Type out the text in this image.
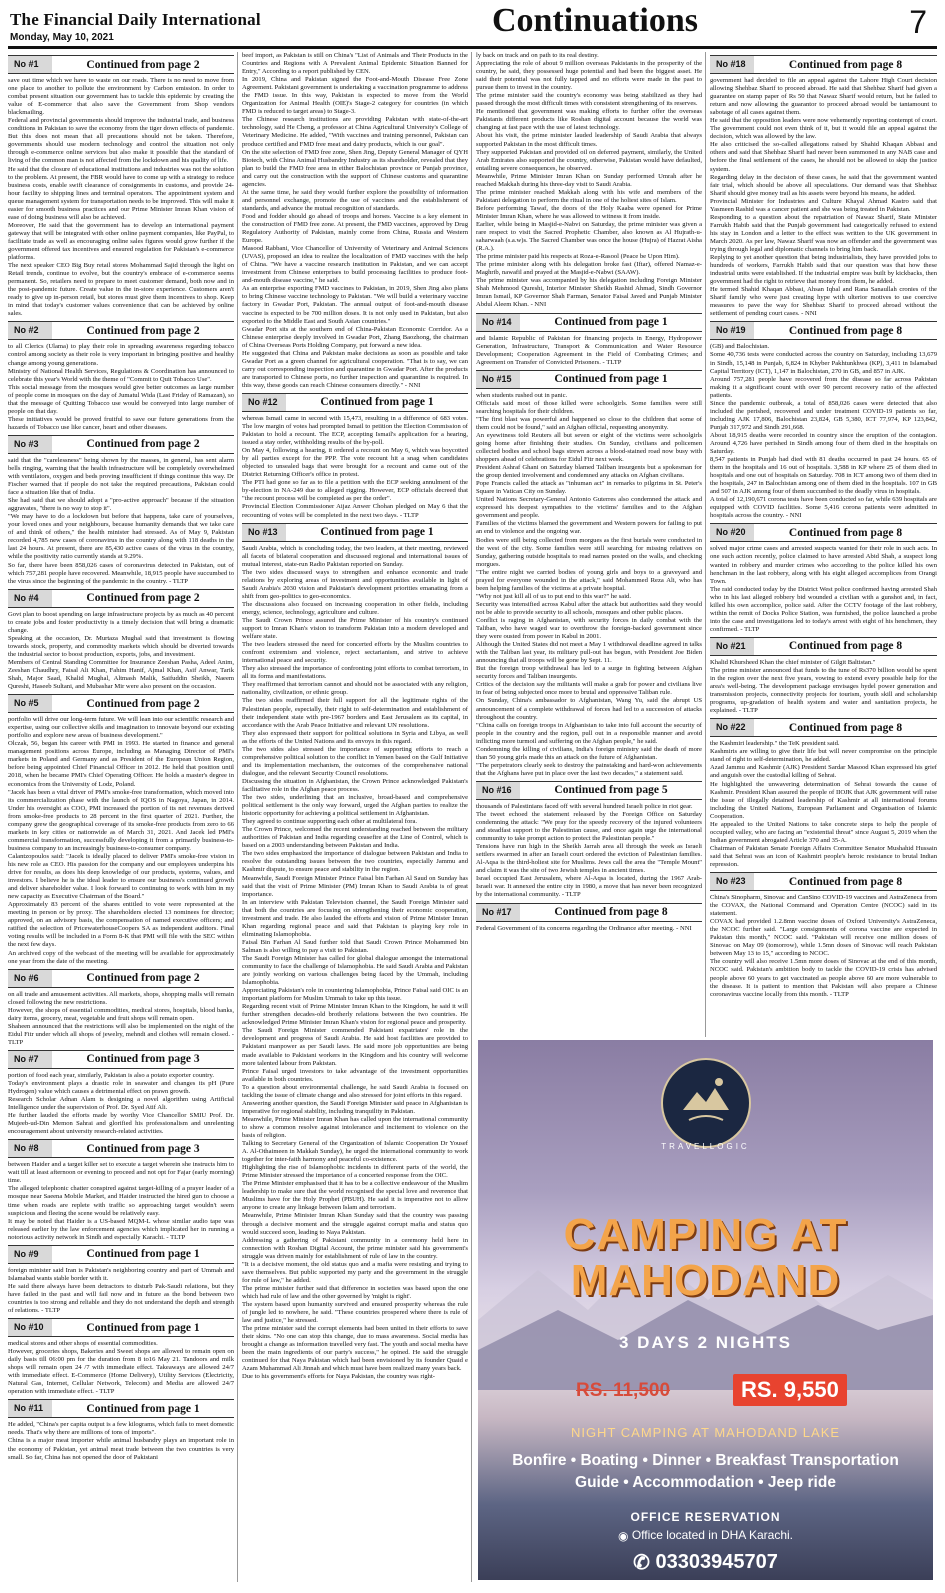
The Financial Daily International
Monday, May 10, 2021	Continuations	7
No #1	Continued from page 2
save out time which we have to waste on our roads. There is no need to move from one place to another to pollute the environment by Carbon emission. In order to combat present situation our government has to tackle this epidemic by creating the value of E-commerce that also save the Government from Shop vendors blackmailing.
Federal and provincial governments should improve the industrial trade, and business conditions in Pakistan to save the economy from the tiger down effects of pandemic. But this does not mean that all precautions should not be taken. Therefore, governments should use modern technology and control the situation not only through e-commerce online services but also make it possible that the standard of living of the common man is not affected from the lockdown and his quality of life.
He said that the closure of educational institutions and industries was not the solution to the problem. At present, the FBR would have to come up with a strategy to reduce business costs, enable swift clearance of consignments in customs, and provide 24-hour facility to shipping lines and terminal operators. The appointment system and queue management system for transportation needs to be improved. This will make it easier for smooth business practices and our Prime Minister Imran Khan vision of ease of doing business will also be achieved.
Moreover, He said that the government has to develop an international payment gateway that will be integrated with other online payment companies, like PayPal, to facilitate trade as well as encouraging online sales figures would grow further if the government offered tax incentives and ensured regulation for Pakistan's e-commerce platforms.
The next speaker CEO Big Buy retail stores Mohammad Sajid through the light on Retail trends, continue to evolve, but the country's embrace of e-commerce seems permanent. So, retailers need to prepare to meet customer demand, both now and in the post-pandemic future. Create value in the in-store experience. Customers aren't ready to give up in-person retail, but stores must give them incentives to shop. Keep in mind that today's customer values convenience that can be achieved by online sales.
No #2	Continued from page 2
to all Clerics (Ulama) to play their role in spreading awareness regarding tobacco control among society as their role is very important in bringing positive and healthy change among young generations.
Ministry of National Health Services, Regulations & Coordination has announced to celebrate this year's World with the theme of "Commit to Quit Tobacco Use".
This social message from the mosques would give better outcomes as large number of people come in mosques on the day of Jumatul Wida (Last Friday of Ramazan), so that the message of Quitting Tobacco use would be conveyed into large number of people on that day.
These initiatives would be proved fruitful to save our future generations from the hazards of Tobacco use like cancer, heart and other diseases.
No #3	Continued from page 2
said that the "carelessness" being shown by the masses, in general, has sent alarm bells ringing, warning that the health infrastructure will be completely overwhelmed with ventilators, oxygen and beds proving insufficient if things continue this way. Dr Fischer warned that if people do not take the required precautions, Pakistan could face a situation like that of India.
She had said that we should adopt a "pro-active approach" because if the situation aggravates, "there is no way to stop it".
"We may have to do a lockdown but before that happens, take care of yourselves, your loved ones and your neighbours, because humanity demands that we take care of and think of others," the health minister had stressed. As of May 9, Pakistan recorded 4,785 new cases of coronavirus in the country along with 118 deaths in the last 24 hours. At present, there are 85,430 active cases of the virus in the country, while the positivity ratio currently stands at 9.29%.
So far, there have been 858,026 cases of coronavirus detected in Pakistan, out of which 757,281 people have recovered. Meanwhile, 18,915 people have succumbed to the virus since the beginning of the pandemic in the country. - TLTP
No #4	Continued from page 2
Govt plan to boost spending on large infrastructure projects by as much as 40 percent to create jobs and foster productivity is a timely decision that will bring a dramatic change.
Speaking at the occasion, Dr. Murtaza Mughal said that investment is flowing towards stock, property, and commodity markets which should be diverted towards the industrial sector to boost production, exports, jobs, and investment.
Members of Central Standing Committee for Insurance Zeeshan Pasha, Adeel Anim, Zeeshan Chaudhry, Faisal Ali Khan, Fahim Hanif, Ajmal Khan, Asif Anwar, Tarik Shah, Major Saad, Khalid Mughal, Altmash Malik, Saifuddin Sheikh, Naeem Qureshi, Haseeb Sultani, and Mubashar Mir were also present on the occasion.
No #5	Continued from page 2
portfolio will drive our long-term future. We will lean into our scientific research and expertise, using our collective skills and imagination to innovate beyond our existing portfolio and explore new areas of business development."
Olczak, 56, began his career with PMI in 1993. He started in finance and general management positions across Europe, including as Managing Director of PMI's markets in Poland and Germany and as President of the European Union Region, before being appointed Chief Financial Officer in 2012. He held that position until 2018, when he became PMI's Chief Operating Officer. He holds a master's degree in economics from the University of Lodz, Poland.
"Jacek has been a vital driver of PMI's smoke-free transformation, which moved into its commercialization phase with the launch of IQOS in Nagoya, Japan, in 2014. Under his oversight as COO, PMI increased the portion of its net revenues derived from smoke-free products to 28 percent in the first quarter of 2021. Further, the company grew the geographical coverage of its smoke-free products from zero to 66 markets in key cities or nationwide as of March 31, 2021. And Jacek led PMI's commercial transformation, successfully developing it from a primarily business-to-business company to an increasingly business-to-consumer company.
Calantzopoulos said: "Jacek is ideally placed to deliver PMI's smoke-free vision in his new role as CEO. His passion for the company and our employees underpins his drive for results, as does his deep knowledge of our products, systems, values, and investors. I believe he is the ideal leader to ensure our business's continued growth and deliver shareholder value. I look forward to continuing to work with him in my new capacity as Executive Chairman of the Board."
Approximately 83 percent of the shares entitled to vote were represented at the meeting in person or by proxy. The shareholders elected 13 nominees for director; approved, on an advisory basis, the compensation of named executive officers; and ratified the selection of PricewaterhouseCoopers SA as independent auditors. Final voting results will be included in a Form 8-K that PMI will file with the SEC within the next few days.
An archived copy of the webcast of the meeting will be available for approximately one year from the date of the meeting.
No #6	Continued from page 2
on all trade and amusement activities. All markets, shops, shopping malls will remain closed following the new restrictions.
However, the shops of essential commodities, medical stores, hospitals, blood banks, dairy items, grocery, meat, vegetable and fruit shops will remain open.
Shaheen announced that the restrictions will also be implemented on the night of the Eidul Fitr under which all shops of jewelry, mehndi and clothes will remain closed. - TLTP
No #7	Continued from page 3
portion of food each year, similarly, Pakistan is also a potato exporter country.
Today's environment plays a drastic role in seawater and changes its pH (Pure Hydrogen) value which causes a detrimental effect on prawn growth.
Research Scholar Adnan Alam is designing a novel algorithm using Artificial Intelligence under the supervision of Prof. Dr. Syed Atif Ali.
He further lauded the efforts made by worthy Vice Chancellor SMIU Prof. Dr. Mujeeb-ud-Din Memon Sahrai and glorified his professionalism and unrelenting encouragement about university research-related activities.
No #8	Continued from page 3
between Haider and a target killer set to execute a target wherein she instructs him to wait till at least afternoon or evening to proceed and not opt for Fajar (early morning) time.
The alleged telephonic chatter conspired against target-killing of a prayer leader of a mosque near Saeena Mobile Market, and Haider instructed the hired gun to choose a time when roads are replete with traffic so approaching target wouldn't seem suspicious and fleeing the scene would be relatively easy.
It may be noted that Haider is a US-based MQM-L whose similar audio tape was released earlier by the law enforcement agencies which implicated her in running a notorious activity network in Sindh and especially Karachi. - TLTP
No #9	Continued from page 1
foreign minister said Iran is Pakistan's neighboring country and part of Ummah and Islamabad wants stable border with it.
He said there always have been detractors to disturb Pak-Saudi relations, but they have failed in the past and will fail now and in future as the bond between two countries is too strong and reliable and they do not understand the depth and strength of relations. - TLTP
No #10	Continued from page 1
medical stores and other shops of essential commodities.
However, groceries shops, Bakeries and Sweet shops are allowed to remain open on daily basis till 06:00 pm for the duration from 8 to16 May 21. Tandoors and milk shops will remain open 24 /7 with immediate effect. Takeaways are allowed 24/7 with immediate effect. E-Commerce (Home Delivery), Utility Services (Electricity, Natural Gas, Internet, Cellular Network, Telecom) and Media are allowed 24/7 operation with immediate effect. - TLTP
No #11	Continued from page 1
He added, "China's per capita output is a few kilograms, which fails to meet domestic needs. That's why there are millions of tons of imports".
China is a major meat importer while animal husbandry plays an important role in the economy of Pakistan, yet animal meat trade between the two countries is very small. So far, China has not opened the door of Pakistani
beef import, as Pakistan is still on China's "List of Animals and Their Products in the Countries and Regions with A Prevalent Animal Epidemic Situation Banned for Entry," According to a report published by CEN.
In 2019, China and Pakistan signed the Foot-and-Mouth Disease Free Zone Agreement. Pakistani government is undertaking a vaccination programme to address the FMD issue. In this way, Pakistan is expected to move from the World Organization for Animal Health (OIE)'s Stage-2 category for countries (in which FMD is reduced to target areas) to Stage-3.
The Chinese research institutions are providing Pakistan with state-of-the-art technology, said He Cheng, a professor at China Agricultural University's College of Veterinary Medicine. He added, "With vaccines and training personnel, Pakistan can produce certified and FMD free meat and dairy products, which is our goal".
On the site selection of FMD free zone, Shen Jing, Deputy General Manager of QYH Biotech, with China Animal Husbandry Industry as its shareholder, revealed that they plan to build the FMD free area in either Balochistan province or Punjab province, and carry out the construction with the support of Chinese customs and quarantine agencies.
At the same time, he said they would further explore the possibility of information and personnel exchange, promote the use of vaccines and the establishment of standards, and advance the mutual recognition of standards.
Food and fodder should go ahead of troops and horses. Vaccine is a key element in the construction of FMD free zone. At present, the FMD vaccines, approved by Drug Regulatory Authority of Pakistan, mainly come from China, Russia and Western Europe.
Masood Rabbani, Vice Chancellor of University of Veterinary and Animal Sciences (UVAS), proposed an idea to realize the localization of FMD vaccines with the help of China. "We have a vaccine research institution in Pakistan, and we can accept investment from Chinese enterprises to build processing facilities to produce foot-and-mouth disease vaccine," he said.
As an enterprise exporting FMD vaccines to Pakistan, in 2019, Shen Jing also plans to bring Chinese vaccine technology to Pakistan. "We will build a veterinary vaccine factory in Gwadar Port, Pakistan. The annual output of foot-and-mouth disease vaccine is expected to be 700 million doses. It is not only used in Pakistan, but also exported to the Middle East and South Asian countries."
Gwadar Port sits at the southern end of China-Pakistan Economic Corridor. As a Chinese enterprise deeply involved in Gwadar Port, Zhang Baozhong, the chairman of China Overseas Ports Holding Company, put forward a new idea.
He suggested that China and Pakistan make decisions as soon as possible and take Gwadar Port as a green channel for agricultural cooperation. "That is to say, we can carry out corresponding inspection and quarantine in Gwadar Port. After the products are transported to Chinese ports, no further inspection and quarantine is required. In this way, these goods can reach Chinese consumers directly." - NNI
No #12	Continued from page 1
whereas Ismail came in second with 15,473, resulting in a difference of 683 votes. The low margin of votes had prompted Ismail to petition the Election Commission of Pakistan to hold a recount. The ECP, accepting Ismail's application for a hearing, issued a stay order, withholding results of the by-poll.
On May 4, following a hearing, it ordered a recount on May 6, which was boycotted by all parties except for the PPP. The vote recount hit a snag when candidates objected to unsealed bags that were brought for a recount and came out of the District Returning Officer's office in protest.
The PTI had gone so far as to file a petition with the ECP seeking annulment of the by-election in NA-249 due to alleged rigging. However, ECP officials decreed that "the recount process will be completed as per the order".
Provincial Election Commissioner Aijaz Anwer Chohan pledged on May 6 that the recounting of votes will be completed in the next two days. - TLTP
No #13	Continued from page 1
Saudi Arabia, which is concluding today, the two leaders, at their meeting, reviewed all facets of bilateral cooperation and discussed regional and international issues of mutual interest, state-run Radio Pakistan reported on Sunday.
The two sides discussed ways to strengthen and enhance economic and trade relations by exploring areas of investment and opportunities available in light of Saudi Arabia's 2030 vision and Pakistan's development priorities emanating from a shift from geo-politics to geo-economics.
The discussions also focused on increasing cooperation in other fields, including energy, science, technology, agriculture and culture.
The Saudi Crown Prince assured the Prime Minister of his country's continued support to Imran Khan's vision to transform Pakistan into a modern developed and welfare state.
The two leaders stressed the need for concerted efforts by the Muslim countries to confront extremism and violence, reject sectarianism, and strive to achieve international peace and security.
They also stressed the importance of confronting joint efforts to combat terrorism, in all its forms and manifestations.
They reaffirmed that terrorism cannot and should not be associated with any religion, nationality, civilization, or ethnic group.
The two sides reaffirmed their full support for all the legitimate rights of the Palestinian people, especially, their right to self-determination and establishment of their independent state with pre-1967 borders and East Jerusalem as its capital, in accordance with the Arab Peace Initiative and relevant UN resolutions.
They also expressed their support for political solutions in Syria and Libya, as well as the efforts of the United Nations and its envoys in this regard.
The two sides also stressed the importance of supporting efforts to reach a comprehensive political solution to the conflict in Yemen based on the Gulf Initiative and its implementation mechanism, the outcomes of the comprehensive national dialogue, and the relevant Security Council resolutions.
Discussing the situation in Afghanistan, the Crown Prince acknowledged Pakistan's facilitative role in the Afghan peace process.
The two sides, underlining that an inclusive, broad-based and comprehensive political settlement is the only way forward, urged the Afghan parties to realize the historic opportunity for achieving a political settlement in Afghanistan.
They agreed to continue supporting each other at multilateral fora.
The Crown Prince, welcomed the recent understanding reached between the military authorities of Pakistan and India regarding ceasefire at the Line of Control, which is based on a 2003 understanding between Pakistan and India.
The two sides emphasized the importance of dialogue between Pakistan and India to resolve the outstanding issues between the two countries, especially Jammu and Kashmir dispute, to ensure peace and stability in the region.
Meanwhile, Saudi Foreign Minister Prince Faisal bin Farhan Al Saud on Sunday has said that the visit of Prime Minister (PM) Imran Khan to Saudi Arabia is of great importance.
In an interview with Pakistan Television channel, the Saudi Foreign Minister said that both the countries are focusing on strengthening their economic cooperation, investment and trade. He also lauded the efforts and vision of Prime Minister Imran Khan regarding regional peace and said that Pakistan is playing key role in eliminating Islamophobia.
Faisal Bin Farhan Al Saud further told that Saudi Crown Prince Mohammed bin Salman is also willing to pay a visit to Pakistan.
The Saudi Foreign Minister has called for global dialogue amongst the international community to face the challenge of Islamophobia. He said Saudi Arabia and Pakistan are jointly working on various challenges being faced by the Ummah, including Islamophobia.
Appreciating Pakistan's role in countering Islamophobia, Prince Faisal said OIC is an important platform for Muslim Ummah to take up this issue.
Regarding recent visit of Prime Minister Imran Khan to the Kingdom, he said it will further strengthen decades-old brotherly relations between the two countries. He acknowledged Prime Minister Imran Khan's vision for regional peace and prosperity.
The Saudi Foreign Minister commended Pakistani expatriates' role in the development and progress of Saudi Arabia. He said host facilities are provided to Pakistani manpower as per Saudi laws. He said more job opportunities are being made available to Pakistani workers in the Kingdom and his country will welcome more talented labour from Pakistan.
Prince Faisal urged investors to take advantage of the investment opportunities available in both countries.
To a question about environmental challenge, he said Saudi Arabia is focused on tackling the issue of climate change and also stressed for joint efforts in this regard.
Answering another question, the Saudi Foreign Minister said peace in Afghanistan is imperative for regional stability, including tranquility in Pakistan.
Meanwhile, Prime Minister Imran Khan has called upon the international community to show a common resolve against intolerance and incitement to violence on the basis of religion.
Talking to Secretary General of the Organization of Islamic Cooperation Dr Yousef A. Al-Othaimeen in Makkah Sunday), he urged the international community to work together for inter-faith harmony and peaceful co-existence.
Highlighting the rise of Islamophobic incidents in different parts of the world, the Prime Minister stressed the importance of a concerted response from the OIC.
The Prime Minister emphasised that it has to be a collective endeavour of the Muslim leadership to make sure that the world recognised the special love and reverence that Muslims have for the Holy Prophet (PBUH). He said it is imperative not to allow anyone to create any linkage between Islam and terrorism.
Meanwhile, Prime Minister Imran Khan Sunday said that the country was passing through a decisive moment and the struggle against corrupt mafia and status quo would succeed soon, leading to Naya Pakistan.
Addressing a gathering of Pakistani community in a ceremony held here in connection with Roshan Digital Account, the prime minister said his government's struggle was driven mainly for establishment of rule of law in the country.
"It is a decisive moment, the old status quo and a mafia were resisting and trying to save themselves. But public supported my party and the government in the struggle for rule of law," he added.
The prime minister further said that difference in societies was based upon the one which had rule of law and the other governed by 'might is right'.
The system based upon humanity survived and ensured prosperity whereas the rule of jungle led to nowhere, he said. "These countries prospered where there is rule of law and justice," he stressed.
The prime minister said the corrupt elements had been united in their efforts to save their skins. "No one can stop this change, due to mass awareness. Social media has brought a change as information travelled very fast. The youth and social media have been the main ingredients of our party's success," he opined. He said the struggle continued for that Naya Pakistan which had been envisioned by its founder Quaid e Azam Muhammad Ali Jinnah and which must have been realized many years back.
Due to his government's efforts for Naya Pakistan, the country was right-
ly back on track and on path to its real destiny.
Appreciating the role of about 9 million overseas Pakistanis in the prosperity of the country, he said, they possessed huge potential and had been the biggest asset. He said their potential was not fully tapped and no efforts were made in the past to pursue them to invest in the country.
The prime minister said the country's economy was being stabilized as they had passed through the most difficult times with consistent strengthening of its reserves.
He mentioned that government was making efforts to further offer the overseas Pakistanis different products like Roshan digital account because the world was changing at fast pace with the use of latest technology.
About his visit, the prime minister lauded leadership of Saudi Arabia that always supported Pakistan in the most difficult times.
They supported Pakistan and provided oil on deferred payment, similarly, the United Arab Emirates also supported the country, otherwise, Pakistan would have defaulted, entailing severe consequences, he observed.
Meanwhile, Prime Minister Imran Khan on Sunday performed Umrah after he reached Makkah during his three-day visit to Saudi Arabia.
The prime minister reached Makkah along with his wife and members of the Pakistani delegation to perform the ritual in one of the holiest sites of Islam.
Before performing Tawaf, the doors of the Holy Kaaba were opened for Prime Minister Imran Khan, where he was allowed to witness it from inside.
Earlier, while being in Masjid-e-Nabvi on Saturday, the prime minister was given a rare respect to visit the Sacred Prophetic Chamber, also known as Al Hujrath-u-saharwaah (s.a.w)s. The Sacred Chamber was once the house (Hujra) of Hazrat Aisha (R.A.).
The prime minister paid his respects at Roza-e-Rasool (Peace be Upon Him).
The prime minister along with his delegation broke fast (Iftar), offered Namaz-e-Maghrib, nawafil and prayed at the Masjid-e-Nabwi (SAAW).
The prime minister was accompanied by his delegation including Foreign Minister Shah Mehmood Qureshi, Interior Minister Sheikh Rashid Ahmad, Sindh Governor Imran Ismail, KP Governor Shah Farman, Senator Faisal Javed and Punjab Minister Abdul Aleem Khan. - NNI
No #14	Continued from page 1
and Islamic Republic of Pakistan for financing projects in Energy, Hydropower Generation, Infrastructure, Transport & Communication and Water Resource Development; Cooperation Agreement in the Field of Combating Crimes; and Agreement on Transfer of Convicted Prisoners. - TLTP
No #15	Continued from page 1
when students rushed out in panic.
Officials said most of those killed were schoolgirls. Some families were still searching hospitals for their children.
"The first blast was powerful and happened so close to the children that some of them could not be found," said an Afghan official, requesting anonymity.
An eyewitness told Reuters all but seven or eight of the victims were schoolgirls going home after finishing their studies. On Sunday, civilians and policemen collected bodies and school bags strewn across a blood-stained road now busy with shoppers ahead of celebrations for Eidul Fitr next week.
President Ashraf Ghani on Saturday blamed Taliban insurgents but a spokesman for the group denied involvement and condemned any attacks on Afghan civilians.
Pope Francis called the attack as "inhuman act" in remarks to pilgrims in St. Peter's Square in Vatican City on Sunday.
United Nations Secretary-General Antonio Guterres also condemned the attack and expressed his deepest sympathies to the victims' families and to the Afghan government and people.
Families of the victims blamed the government and Western powers for failing to put an end to violence and the ongoing war.
Bodies were still being collected from morgues as the first burials were conducted in the west of the city. Some families were still searching for missing relatives on Sunday, gathering outside hospitals to read names posted on the walls, and checking morgues.
"The entire night we carried bodies of young girls and boys to a graveyard and prayed for everyone wounded in the attack," said Mohammed Reza Ali, who has been helping families of the victims at a private hospital.
"Why not just kill all of us to put end to this war?" he said.
Security was intensified across Kabul after the attack but authorities said they would not be able to provide security to all schools, mosques and other public places.
Conflict is raging in Afghanistan, with security forces in daily combat with the Taliban, who have waged war to overthrow the foreign-backed government since they were ousted from power in Kabul in 2001.
Although the United States did not meet a May 1 withdrawal deadline agreed in talks with the Taliban last year, its military pull-out has begun, with President Joe Biden announcing that all troops will be gone by Sept. 11.
But the foreign troop withdrawal has led to a surge in fighting between Afghan security forces and Taliban insurgents.
Critics of the decision say the militants will make a grab for power and civilians live in fear of being subjected once more to brutal and oppressive Taliban rule.
On Sunday, China's ambassador to Afghanistan, Wang Yu, said the abrupt US announcement of a complete withdrawal of forces had led to a succession of attacks throughout the country.
"China calls on foreign troops in Afghanistan to take into full account the security of people in the country and the region, pull out in a responsible manner and avoid inflicting more turmoil and suffering on the Afghan people," he said.
Condemning the killing of civilians, India's foreign ministry said the death of more than 50 young girls made this an attack on the future of Afghanistan.
"The perpetrators clearly seek to destroy the painstaking and hard-won achievements that the Afghans have put in place over the last two decades," a statement said.
No #16	Continued from page 5
thousands of Palestinians faced off with several hundred Israeli police in riot gear.
The tweet echoed the statement released by the Foreign Office on Saturday condemning the attack: "We pray for the speedy recovery of the injured volunteers and steadfast support to the Palestinian cause, and once again urge the international community to take prompt action to protect the Palestinian people."
Tensions have run high in the Sheikh Jarrah area all through the week as Israeli settlers swarmed in after an Israeli court ordered the eviction of Palestinian families. Al-Aqsa is the third-holiest site for Muslims. Jews call the area the "Temple Mount" and claim it was the site of two Jewish temples in ancient times.
Israel occupied East Jerusalem, where Al-Aqsa is located, during the 1967 Arab-Israeli war. It annexed the entire city in 1980, a move that has never been recognized by the international community. - TLTP
No #17	Continued from page 8
Federal Government of its concerns regarding the Ordinance after meeting. - NNI
No #18	Continued from page 8
government had decided to file an appeal against the Lahore High Court decision allowing Shehbaz Sharif to proceed abroad. He said that Shehbaz Sharif had given a guarantee on stamp paper of Rs 50 that Nawaz Sharif would return, but he failed to return and now allowing the guarantor to proceed abroad would be tantamount to sabotage of all cases against them.
He said that the opposition leaders were now vehemently reporting contempt of court. The government could not even think of it, but it would file an appeal against the decision, which was allowed by the law.
He also criticised the so-called allegations raised by Shahid Khaqan Abbasi and others and said that Shehbaz Sharif had never been summoned in any NAB case and before the final settlement of the cases, he should not be allowed to skip the justice system.
Regarding delay in the decision of these cases, he said that the government wanted fair trial, which should be above all speculations. Our demand was that Shehbaz Sharif should give money trail as his assets were beyond his means, he added.
Provincial Minister for Industries and Culture Khayal Ahmad Kastro said that Yasmeen Rashid was a cancer patient and she was being treated in Pakistan.
Responding to a question about the repatriation of Nawaz Sharif, State Minister Farrukh Habib said that the Punjab government had categorically refused to extend his stay in London and a letter to the effect was written to the UK government in March 2020. As per law, Nawaz Sharif was now an offender and the government was trying through legal and diplomatic channels to bring him back.
Replying to yet another question that being industrialists, they have provided jobs to hundreds of workers, Farrukh Habib said that our question was that how these industrial units were established. If the industrial empire was built by kickbacks, then government had the right to retrieve that money from them, he added.
He termed Shahid Khaqan Abbasi, Ahsan Iqbal and Rana Sanaullah cronies of the Sharif family who were just creating hype with ulterior motives to use coercive measures to pave the way for Shehbaz Sharif to proceed abroad without the settlement of pending court cases. - NNI
No #19	Continued from page 8
(GB) and Balochistan.
Some 40,736 tests were conducted across the country on Saturday, including 13,679 in Sindh, 15,148 in Punjab, 6,824 in Khyber Pakhtunkhwa (KP), 3,411 in Islamabad Capital Territory (ICT), 1,147 in Balochistan, 270 in GB, and 857 in AJK.
Around 757,281 people have recovered from the disease so far across Pakistan making it a significant count with over 90 percent recovery ratio of the affected patients.
Since the pandemic outbreak, a total of 858,026 cases were detected that also included the perished, recovered and under treatment COVID-19 patients so far, including AJK 17,806, Balochistan 23,824, GB 5,380, ICT 77,974, KP 123,842, Punjab 317,972 and Sindh 291,668.
About 18,915 deaths were recorded in country since the eruption of the contagion. Around 4,726 have perished in Sindh among four of them died in the hospitals on Saturday.
8,547 patients in Punjab had died with 81 deaths occurred in past 24 hours. 65 of them in the hospitals and 16 out of hospitals. 3,588 in KP where 25 of them died in hospitals and one out of hospitals on Saturday. 708 in ICT among two of them died in the hospitals, 247 in Balochistan among one of them died in the hospitals. 107 in GB and 507 in AJK among four of them succumbed to the deadly virus in hospitals.
A total of 12,190,671 corona tests have been conducted so far, while 639 hospitals are equipped with COVID facilities. Some 5,416 corona patients were admitted in hospitals across the country. - NNI
No #20	Continued from page 8
solved major crime cases and arrested suspects wanted for their role in such acts. In one such action recently, police claimed to have arrested Abid Shah, a suspect long wanted in robbery and murder crimes who according to the police killed his own henchman in the last robbery, along with his eight alleged accomplices from Orangi Town.
The raid conducted today by the District West police confirmed having arrested Shah who in his last alleged robbery bid wounded a civilian with a gunshot and, in fact, killed his own accomplice, police said. After the CCTV footage of the last robbery, within the remit of Docks Police Station, was furnished, the police launched a probe into the case and investigations led to today's arrest with eight of his henchmen, they confirmed. - TLTP
No #21	Continued from page 8
Khalid Khursheed Khan the chief minister of Gilgit Baltistan."
The prime minister announced that funds to the tune of Rs370 billion would be spent in the region over the next five years, vowing to extend every possible help for the area's well-being. The development package envisages hydel power generation and transmission projects, connectivity projects for tourism, youth skill and scholarship programs, up-gradation of health system and water and sanitation projects, he explained. - TLTP
No #22	Continued from page 8
the Kashmiri leadership." the TeK president said.
Kashmiris are willing to give their life but will never compromise on the principle stand of right to self-determination, he added.
Azad Jammu and Kashmir (AJK) President Sardar Masood Khan expressed his grief and anguish over the custodial killing of Sehrai.
He highlighted the unwavering determination of Sehrai towards the cause of Kashmir. President Khan assured the people of IIOJK that AJK government will raise the issue of illegally detained leadership of Kashmir at all international forums including the United Nations, European Parliament and Organisation of Islamic Cooperation.
He appealed to the United Nations to take concrete steps to help the people of occupied valley, who are facing an "existential threat" since August 5, 2019 when the Indian government abrogated Article 370 and 35-A.
Chairman of Pakistan Senate Foreign Affairs Committee Senator Mushahid Hussain said that Sehrai was an icon of Kashmiri people's heroic resistance to brutal Indian repression.
No #23	Continued from page 8
China's Sinopharm, Sinovac and CanSino COVID-19 vaccines and AstraZeneca from the COVAX, the National Command and Operation Centre (NCOC) said in its statement.
COVAX had provided 1.2.8mn vaccine doses of Oxford University's AstraZeneca, the NCOC further said. "Large consignments of corona vaccine are expected in Pakistan this month," NCOC said. "Pakistan will receive one million doses of Sinovac on May 09 (tomorrow), while 1.5mn doses of Sinovac will reach Pakistan between May 13 to 15," according to NCOC.
The country will also receive 1.5mn more doses of Sinovac at the end of this month, NCOC said. Pakistan's ambition body to tackle the COVID-19 crisis has advised people above 60 years to get vaccinated as people above 60 are more vulnerable to the disease. It is patient to mention that Pakistan will also prepare a Chinese coronavirus vaccine locally from this month. - TLTP
TRAVELLOGIC
CAMPING AT MAHODAND
3 DAYS 2 NIGHTS
RS. 11,500	RS. 9,550
NIGHT CAMPING AT MAHODAND LAKE
Bonfire • Boating • Dinner • Breakfast Transportation
Guide • Accommodation • Jeep ride
OFFICE RESERVATION
◉ Office located in DHA Karachi.
✆ 03303945707
